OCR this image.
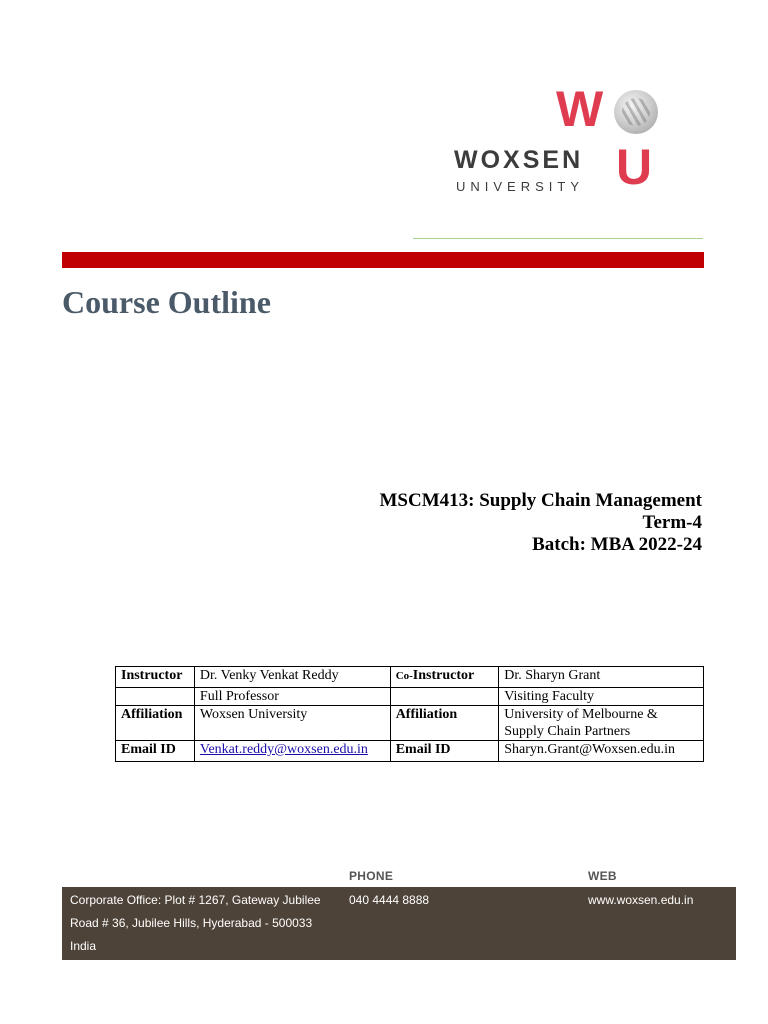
W
WOXSEN
UNIVERSITY U
Course Outline
MSCM413: Supply Chain Management
Term-4
Batch: MBA 2022-24
Instructor	Dr. Venky Venkat Reddy	Co-Instructor	Dr. Sharyn Grant
	Full Professor		Visiting Faculty
Affiliation	Woxsen University	Affiliation	University of Melbourne &
Supply Chain Partners

Email ID	Venkat.reddy@woxsen.edu.in	Email ID	Sharyn.Grant@Woxsen.edu.in
PHONE	WEB
Corporate Office: Plot # 1267, Gateway Jubilee
Road # 36, Jubilee Hills, Hyderabad - 500033
India
040 4444 8888	www.woxsen.edu.in
